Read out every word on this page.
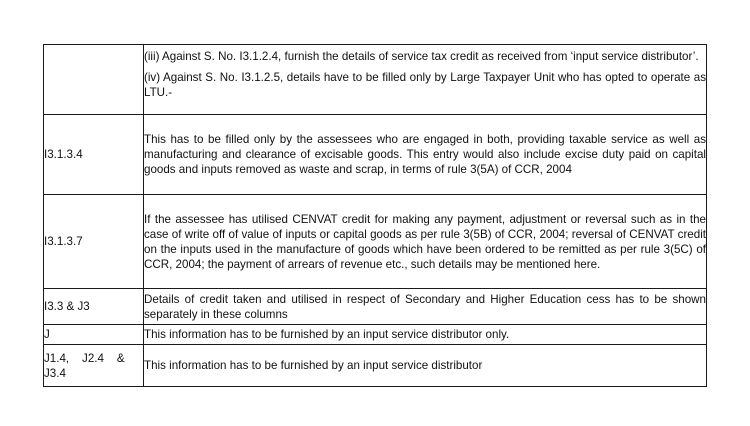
	(iii) Against S. No. I3.1.2.4, furnish the details of service tax credit as received from ‘input service distributor’.

(iv) Against S. No. I3.1.2.5, details have to be filled only by Large Taxpayer Unit who has opted to operate as LTU.-

I3.1.3.4	This has to be filled only by the assessees who are engaged in both, providing taxable service as well as manufacturing and clearance of excisable goods. This entry would also include excise duty paid on capital goods and inputs removed as waste and scrap, in terms of rule 3(5A) of CCR, 2004
I3.1.3.7	If the assessee has utilised CENVAT credit for making any payment, adjustment or reversal such as in the case of write off of value of inputs or capital goods as per rule 3(5B) of CCR, 2004; reversal of CENVAT credit on the inputs used in the manufacture of goods which have been ordered to be remitted as per rule 3(5C) of CCR, 2004; the payment of arrears of revenue etc., such details may be mentioned here.
I3.3 & J3	Details of credit taken and utilised in respect of Secondary and Higher Education cess has to be shown separately in these columns
J	This information has to be furnished by an input service distributor only.
J1.4,    J2.4    & J3.4	This information has to be furnished by an input service distributor
